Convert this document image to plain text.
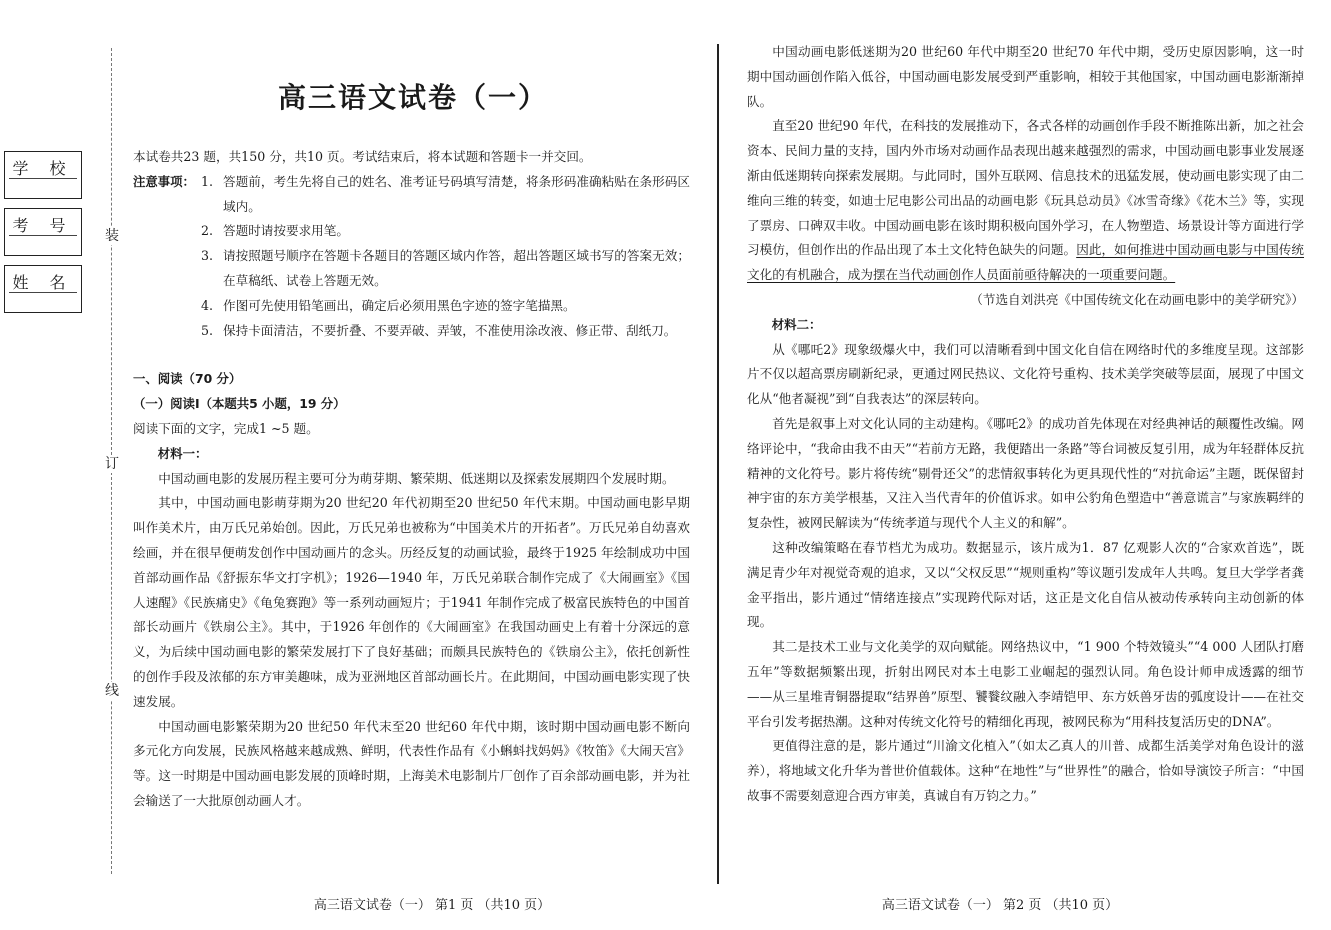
学 校
考 号
姓 名
装
订
线
高三语文试卷（一）

本试卷共23 题，共150 分，共10 页。考试结束后，将本试题和答题卡一并交回。

注意事项： 1. 答题前，考生先将自己的姓名、准考证号码填写清楚，将条形码准确粘贴在条形码区域内。
2. 答题时请按要求用笔。
3. 请按照题号顺序在答题卡各题目的答题区域内作答，超出答题区域书写的答案无效；在草稿纸、试卷上答题无效。
4. 作图可先使用铅笔画出，确定后必须用黑色字迹的签字笔描黑。
5. 保持卡面清洁，不要折叠、不要弄破、弄皱，不准使用涂改液、修正带、刮纸刀。

一、阅读（70 分）

（一）阅读Ⅰ（本题共5 小题，19 分）

阅读下面的文字，完成1 ~5 题。

材料一：

中国动画电影的发展历程主要可分为萌芽期、繁荣期、低迷期以及探索发展期四个发展时期。

其中，中国动画电影萌芽期为20 世纪20 年代初期至20 世纪50 年代末期。中国动画电影早期叫作美术片，由万氏兄弟始创。因此，万氏兄弟也被称为“中国美术片的开拓者”。万氏兄弟自幼喜欢绘画，并在很早便萌发创作中国动画片的念头。历经反复的动画试验，最终于1925 年绘制成功中国首部动画作品《舒振东华文打字机》；1926—1940 年，万氏兄弟联合制作完成了《大闹画室》《国人速醒》《民族痛史》《龟兔赛跑》等一系列动画短片；于1941 年制作完成了极富民族特色的中国首部长动画片《铁扇公主》。其中，于1926 年创作的《大闹画室》在我国动画史上有着十分深远的意义，为后续中国动画电影的繁荣发展打下了良好基础；而颇具民族特色的《铁扇公主》，依托创新性的创作手段及浓郁的东方审美趣味，成为亚洲地区首部动画长片。在此期间，中国动画电影实现了快速发展。

中国动画电影繁荣期为20 世纪50 年代末至20 世纪60 年代中期，该时期中国动画电影不断向多元化方向发展，民族风格越来越成熟、鲜明，代表性作品有《小蝌蚪找妈妈》《牧笛》《大闹天宫》等。这一时期是中国动画电影发展的顶峰时期，上海美术电影制片厂创作了百余部动画电影，并为社会输送了一大批原创动画人才。

中国动画电影低迷期为20 世纪60 年代中期至20 世纪70 年代中期，受历史原因影响，这一时期中国动画创作陷入低谷，中国动画电影发展受到严重影响，相较于其他国家，中国动画电影渐渐掉队。

直至20 世纪90 年代，在科技的发展推动下，各式各样的动画创作手段不断推陈出新，加之社会资本、民间力量的支持，国内外市场对动画作品表现出越来越强烈的需求，中国动画电影事业发展逐渐由低迷期转向探索发展期。与此同时，国外互联网、信息技术的迅猛发展，使动画电影实现了由二维向三维的转变，如迪士尼电影公司出品的动画电影《玩具总动员》《冰雪奇缘》《花木兰》等，实现了票房、口碑双丰收。中国动画电影在该时期积极向国外学习，在人物塑造、场景设计等方面进行学习模仿，但创作出的作品出现了本土文化特色缺失的问题。因此，如何推进中国动画电影与中国传统文化的有机融合，成为摆在当代动画创作人员面前亟待解决的一项重要问题。

（节选自刘洪亮《中国传统文化在动画电影中的美学研究》）

材料二：

从《哪吒2》现象级爆火中，我们可以清晰看到中国文化自信在网络时代的多维度呈现。这部影片不仅以超高票房刷新纪录，更通过网民热议、文化符号重构、技术美学突破等层面，展现了中国文化从“他者凝视”到“自我表达”的深层转向。

首先是叙事上对文化认同的主动建构。《哪吒2》的成功首先体现在对经典神话的颠覆性改编。网络评论中，“我命由我不由天”“若前方无路，我便踏出一条路”等台词被反复引用，成为年轻群体反抗精神的文化符号。影片将传统“剔骨还父”的悲情叙事转化为更具现代性的“对抗命运”主题，既保留封神宇宙的东方美学根基，又注入当代青年的价值诉求。如申公豹角色塑造中“善意谎言”与家族羁绊的复杂性，被网民解读为“传统孝道与现代个人主义的和解”。

这种改编策略在春节档尤为成功。数据显示，该片成为1．87 亿观影人次的“合家欢首选”，既满足青少年对视觉奇观的追求，又以“父权反思”“规则重构”等议题引发成年人共鸣。复旦大学学者龚金平指出，影片通过“情绪连接点”实现跨代际对话，这正是文化自信从被动传承转向主动创新的体现。

其二是技术工业与文化美学的双向赋能。网络热议中，“1 900 个特效镜头”“4 000 人团队打磨五年”等数据频繁出现，折射出网民对本土电影工业崛起的强烈认同。角色设计师申成透露的细节——从三星堆青铜器提取“结界兽”原型、饕餮纹融入李靖铠甲、东方妖兽牙齿的弧度设计——在社交平台引发考据热潮。这种对传统文化符号的精细化再现，被网民称为“用科技复活历史的DNA”。

更值得注意的是，影片通过“川渝文化植入”（如太乙真人的川普、成都生活美学对角色设计的滋养），将地域文化升华为普世价值载体。这种“在地性”与“世界性”的融合，恰如导演饺子所言：“中国故事不需要刻意迎合西方审美，真诚自有万钧之力。”

高三语文试卷（一） 第1 页 （共10 页）	高三语文试卷（一） 第2 页 （共10 页）
